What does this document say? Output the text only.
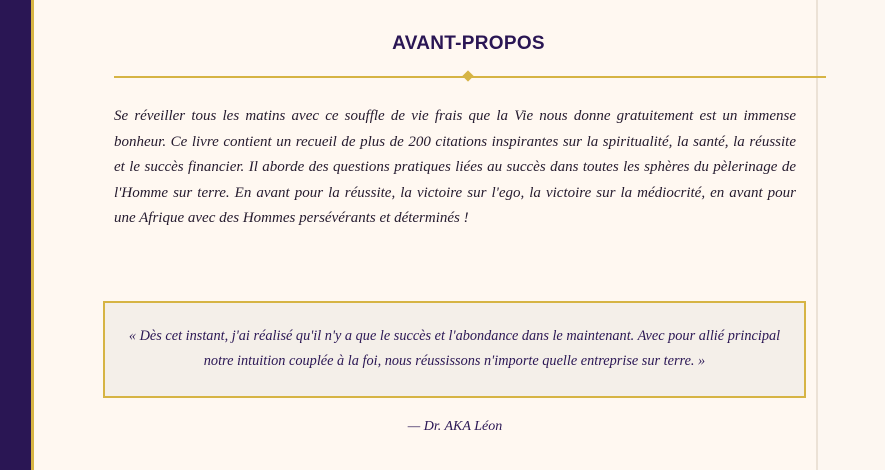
AVANT-PROPOS

Se réveiller tous les matins avec ce souffle de vie frais que la Vie nous donne gratuitement est un immense bonheur. Ce livre contient un recueil de plus de 200 citations inspirantes sur la spiritualité, la santé, la réussite et le succès financier. Il aborde des questions pratiques liées au succès dans toutes les sphères du pèlerinage de l'Homme sur terre. En avant pour la réussite, la victoire sur l'ego, la victoire sur la médiocrité, en avant pour une Afrique avec des Hommes persévérants et déterminés !

« Dès cet instant, j'ai réalisé qu'il n'y a que le succès et l'abondance dans le maintenant. Avec pour allié principal notre intuition couplée à la foi, nous réussissons n'importe quelle entreprise sur terre. »

— Dr. AKA Léon
